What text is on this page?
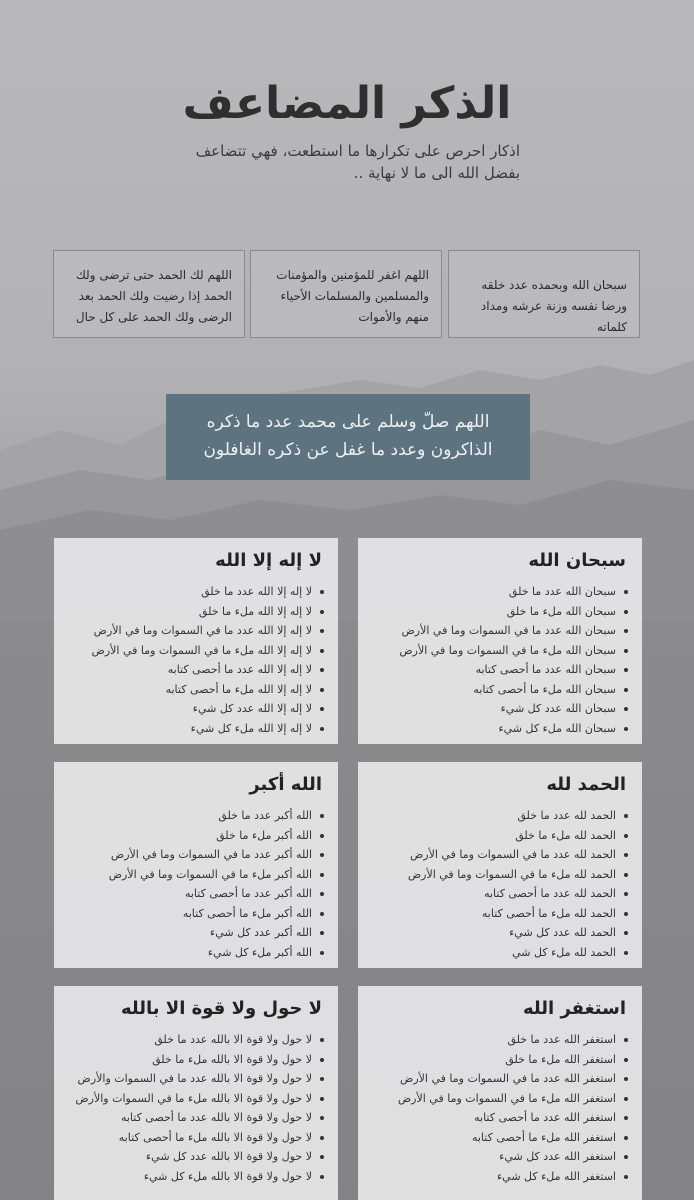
الذكر المضاعف
اذكار احرص على تكرارها ما استطعت، فهي تتضاعف بفضل الله الى ما لا نهاية ..
سبحان الله وبحمده عدد خلقه ورضا نفسه وزنة عرشه ومداد كلماته
اللهم اغفر للمؤمنين والمؤمنات والمسلمين والمسلمات الأحياء منهم والأموات
اللهم لك الحمد حتى ترضى ولك الحمد إذا رضيت ولك الحمد بعد الرضى ولك الحمد على كل حال
اللهم صلّ وسلم على محمد عدد ما ذكره الذاكرون وعدد ما غفل عن ذكره الغافلون
سبحان الله
سبحان الله عدد ما خلق
سبحان الله ملء ما خلق
سبحان الله عدد ما في السموات وما في الأرض
سبحان الله ملء ما في السموات وما في الأرض
سبحان الله عدد ما أحصى كتابه
سبحان الله ملء ما أحصى كتابه
سبحان الله عدد كل شيء
سبحان الله ملء كل شيء
لا إله إلا الله
لا إله إلا الله عدد ما خلق
لا إله إلا الله ملء ما خلق
لا إله إلا الله عدد ما في السموات وما في الأرض
لا إله إلا الله ملء ما في السموات وما في الأرض
لا إله إلا الله عدد ما أحصى كتابه
لا إله إلا الله ملء ما أحصى كتابه
لا إله إلا الله عدد كل شيء
لا إله إلا الله ملء كل شيء
الحمد لله
الحمد لله عدد ما خلق
الحمد لله ملء ما خلق
الحمد لله عدد ما في السموات وما في الأرض
الحمد لله ملء ما في السموات وما في الأرض
الحمد لله عدد ما أحصى كتابه
الحمد لله ملء ما أحصى كتابه
الحمد لله عدد كل شيء
الحمد لله ملء كل شي
الله أكبر
الله أكبر عدد ما خلق
الله أكبر ملء ما خلق
الله أكبر عدد ما في السموات وما في الأرض
الله أكبر ملء ما في السموات وما في الأرض
الله أكبر عدد ما أحصى كتابه
الله أكبر ملء ما أحصى كتابه
الله أكبر عدد كل شيء
الله أكبر ملء كل شيء
استغفر الله
استغفر الله عدد ما خلق
استغفر الله ملء ما خلق
استغفر الله عدد ما في السموات وما في الأرض
استغفر الله ملء ما في السموات وما في الأرض
استغفر الله عدد ما أحصى كتابه
استغفر الله ملء ما أحصى كتابه
استغفر الله عدد كل شيء
استغفر الله ملء كل شيء
لا حول ولا قوة الا بالله
لا حول ولا قوة الا بالله عدد ما خلق
لا حول ولا قوة الا بالله ملء ما خلق
لا حول ولا قوة الا بالله عدد ما في السموات والأرض
لا حول ولا قوة الا بالله ملء ما في السموات والأرض
لا حول ولا قوة الا بالله عدد ما أحصى كتابه
لا حول ولا قوة الا بالله ملء ما أحصى كتابه
لا حول ولا قوة الا بالله عدد كل شيء
لا حول ولا قوة الا بالله ملء كل شيء
